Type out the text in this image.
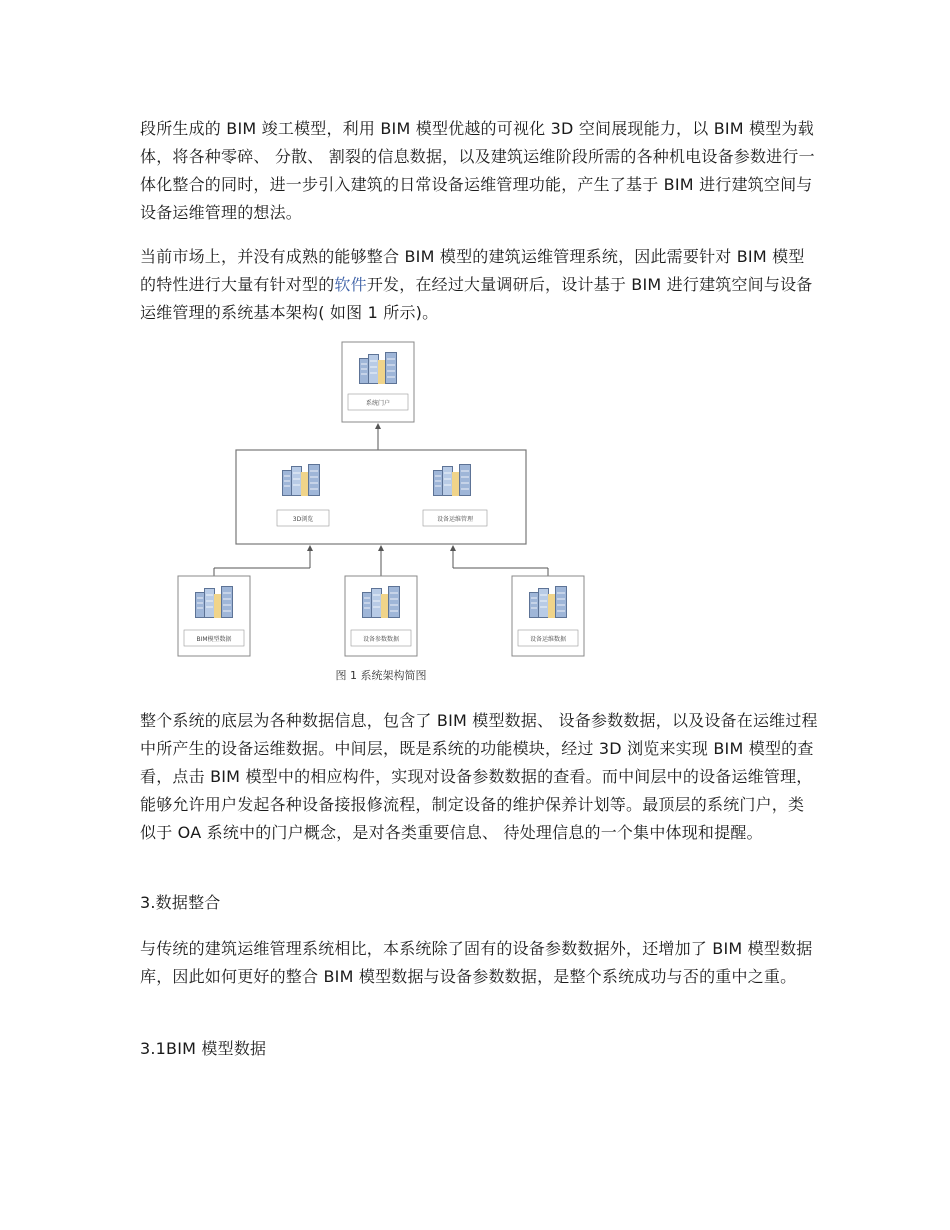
段所生成的 BIM 竣工模型，利用 BIM 模型优越的可视化 3D 空间展现能力，以 BIM 模型为载体，将各种零碎、 分散、 割裂的信息数据，以及建筑运维阶段所需的各种机电设备参数进行一体化整合的同时，进一步引入建筑的日常设备运维管理功能，产生了基于 BIM 进行建筑空间与设备运维管理的想法。

当前市场上，并没有成熟的能够整合 BIM 模型的建筑运维管理系统，因此需要针对 BIM 模型的特性进行大量有针对型的软件开发，在经过大量调研后，设计基于 BIM 进行建筑空间与设备运维管理的系统基本架构( 如图 1 所示)。

系统门户
3D浏览	设备运维管理
BIM模型数据	设备参数数据	设备运维数据
图 1 系统架构简图

整个系统的底层为各种数据信息，包含了 BIM 模型数据、 设备参数数据，以及设备在运维过程中所产生的设备运维数据。中间层，既是系统的功能模块，经过 3D 浏览来实现 BIM 模型的查看，点击 BIM 模型中的相应构件，实现对设备参数数据的查看。而中间层中的设备运维管理，能够允许用户发起各种设备接报修流程，制定设备的维护保养计划等。最顶层的系统门户，类似于 OA 系统中的门户概念，是对各类重要信息、 待处理信息的一个集中体现和提醒。

3.数据整合

与传统的建筑运维管理系统相比，本系统除了固有的设备参数数据外，还增加了 BIM 模型数据库，因此如何更好的整合 BIM 模型数据与设备参数数据，是整个系统成功与否的重中之重。

3.1BIM 模型数据
